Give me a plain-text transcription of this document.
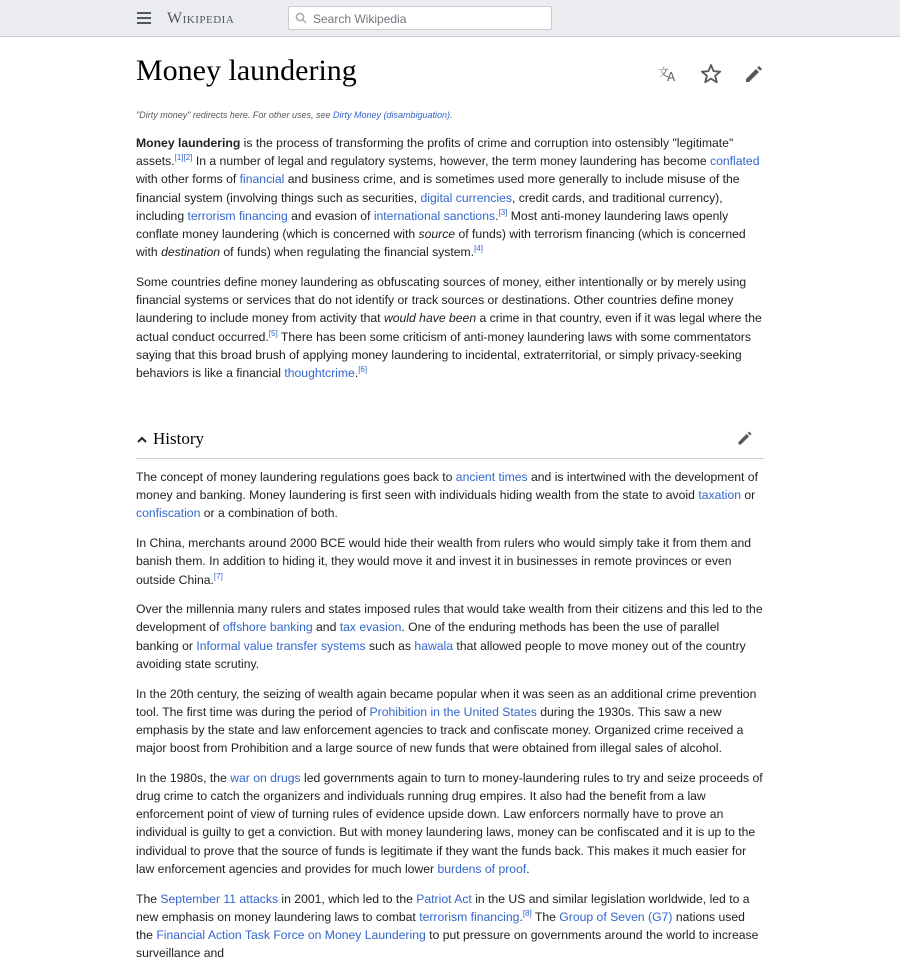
Wikipedia
Search Wikipedia
Money laundering	文
A
"Dirty money" redirects here. For other uses, see Dirty Money (disambiguation).

Money laundering is the process of transforming the profits of crime and corruption into ostensibly "legitimate" assets.[1][2] In a number of legal and regulatory systems, however, the term money laundering has become conflated with other forms of financial and business crime, and is sometimes used more generally to include misuse of the financial system (involving things such as securities, digital currencies, credit cards, and traditional currency), including terrorism financing and evasion of international sanctions.[3] Most anti-money laundering laws openly conflate money laundering (which is concerned with source of funds) with terrorism financing (which is concerned with destination of funds) when regulating the financial system.[4]

Some countries define money laundering as obfuscating sources of money, either intentionally or by merely using financial systems or services that do not identify or track sources or destinations. Other countries define money laundering to include money from activity that would have been a crime in that country, even if it was legal where the actual conduct occurred.[5] There has been some criticism of anti-money laundering laws with some commentators saying that this broad brush of applying money laundering to incidental, extraterritorial, or simply privacy-seeking behaviors is like a financial thoughtcrime.[6]

History

The concept of money laundering regulations goes back to ancient times and is intertwined with the development of money and banking. Money laundering is first seen with individuals hiding wealth from the state to avoid taxation or confiscation or a combination of both.

In China, merchants around 2000 BCE would hide their wealth from rulers who would simply take it from them and banish them. In addition to hiding it, they would move it and invest it in businesses in remote provinces or even outside China.[7]

Over the millennia many rulers and states imposed rules that would take wealth from their citizens and this led to the development of offshore banking and tax evasion. One of the enduring methods has been the use of parallel banking or Informal value transfer systems such as hawala that allowed people to move money out of the country avoiding state scrutiny.

In the 20th century, the seizing of wealth again became popular when it was seen as an additional crime prevention tool. The first time was during the period of Prohibition in the United States during the 1930s. This saw a new emphasis by the state and law enforcement agencies to track and confiscate money. Organized crime received a major boost from Prohibition and a large source of new funds that were obtained from illegal sales of alcohol.

In the 1980s, the war on drugs led governments again to turn to money-laundering rules to try and seize proceeds of drug crime to catch the organizers and individuals running drug empires. It also had the benefit from a law enforcement point of view of turning rules of evidence upside down. Law enforcers normally have to prove an individual is guilty to get a conviction. But with money laundering laws, money can be confiscated and it is up to the individual to prove that the source of funds is legitimate if they want the funds back. This makes it much easier for law enforcement agencies and provides for much lower burdens of proof.

The September 11 attacks in 2001, which led to the Patriot Act in the US and similar legislation worldwide, led to a new emphasis on money laundering laws to combat terrorism financing.[8] The Group of Seven (G7) nations used the Financial Action Task Force on Money Laundering to put pressure on governments around the world to increase surveillance and
